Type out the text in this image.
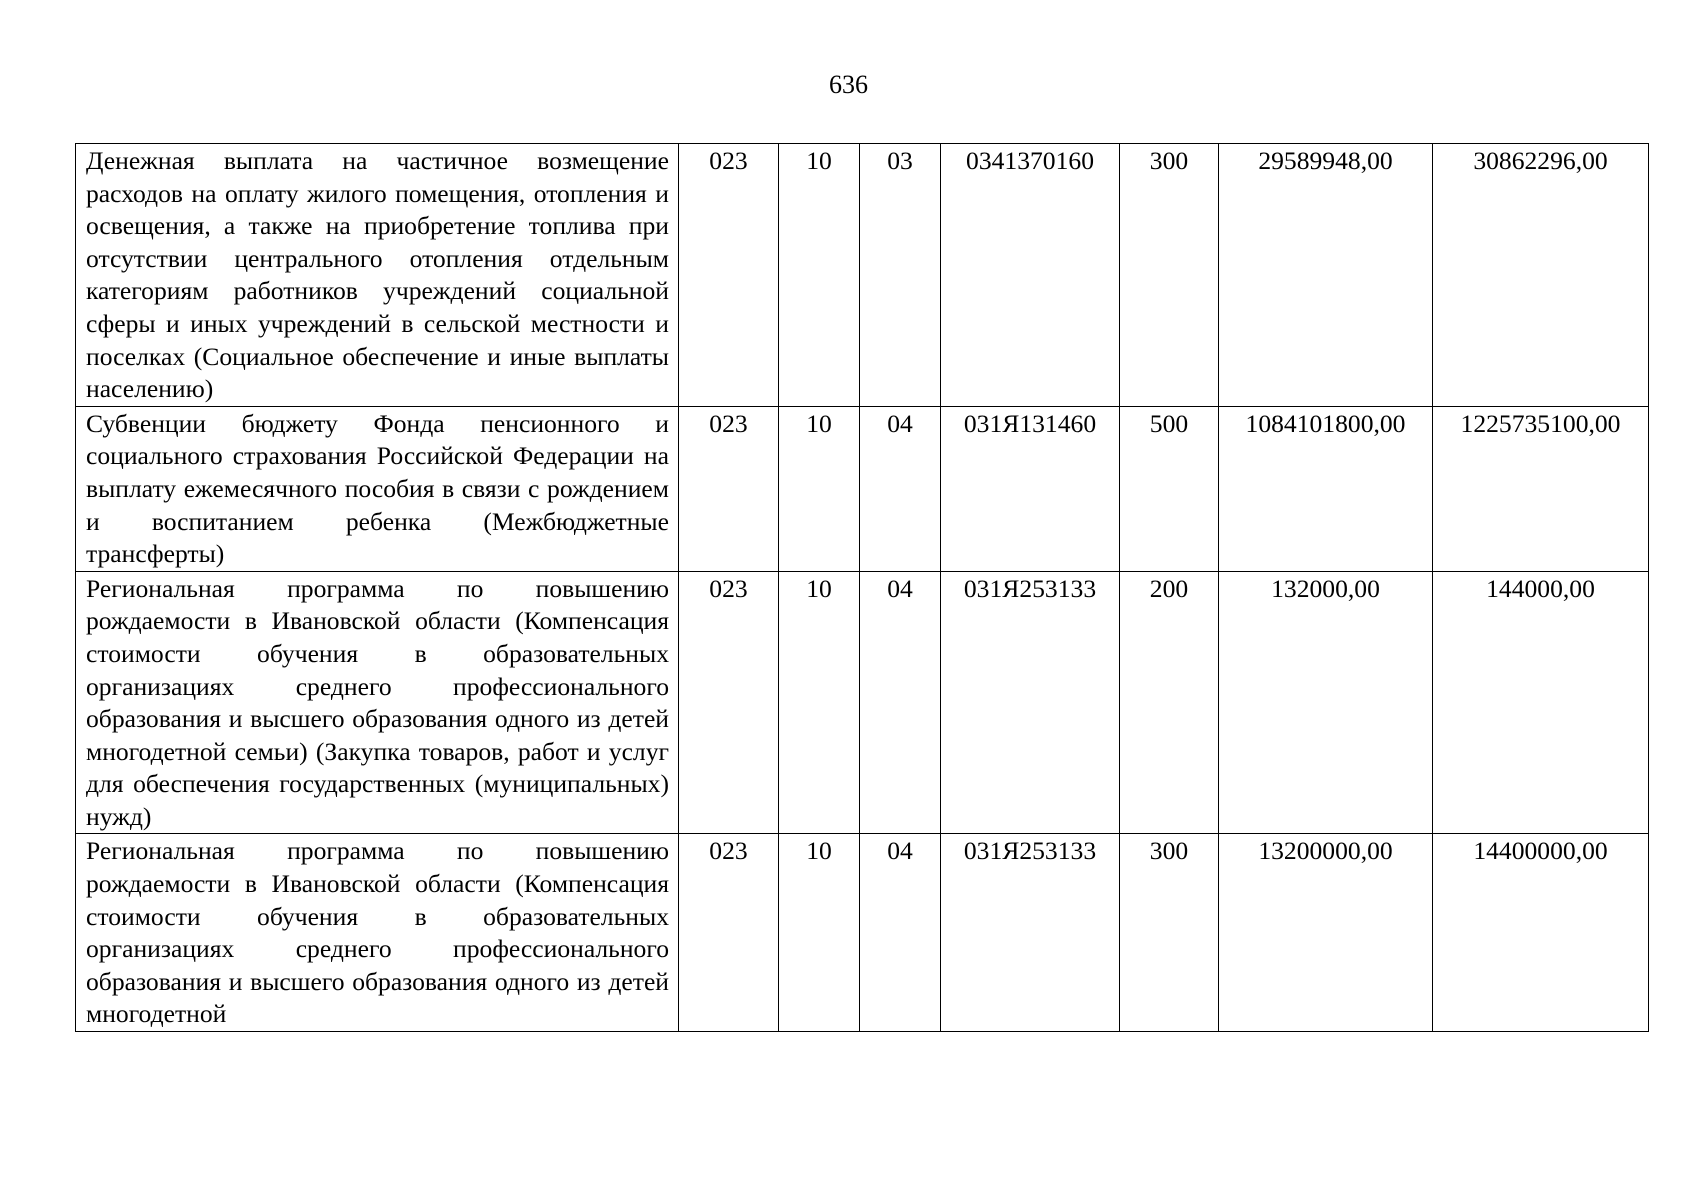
636
Денежная выплата на частичное возмещение расходов на оплату жилого помещения, отопления и освещения, а также на приобретение топлива при отсутствии центрального отопления отдельным категориям работников учреждений социальной сферы и иных учреждений в сельской местности и поселках (Социальное обеспечение и иные выплаты населению)	023	10	03	0341370160	300	29589948,00	30862296,00
Субвенции бюджету Фонда пенсионного и социального страхования Российской Федерации на выплату ежемесячного пособия в связи с рождением и воспитанием ребенка (Межбюджетные трансферты)	023	10	04	031Я131460	500	1084101800,00	1225735100,00
Региональная программа по повышению рождаемости в Ивановской области (Компенсация стоимости обучения в образовательных организациях среднего профессионального образования и высшего образования одного из детей многодетной семьи) (Закупка товаров, работ и услуг для обеспечения государственных (муниципальных) нужд)	023	10	04	031Я253133	200	132000,00	144000,00
Региональная программа по повышению рождаемости в Ивановской области (Компенсация стоимости обучения в образовательных организациях среднего профессионального образования и высшего образования одного из детей многодетной	023	10	04	031Я253133	300	13200000,00	14400000,00
